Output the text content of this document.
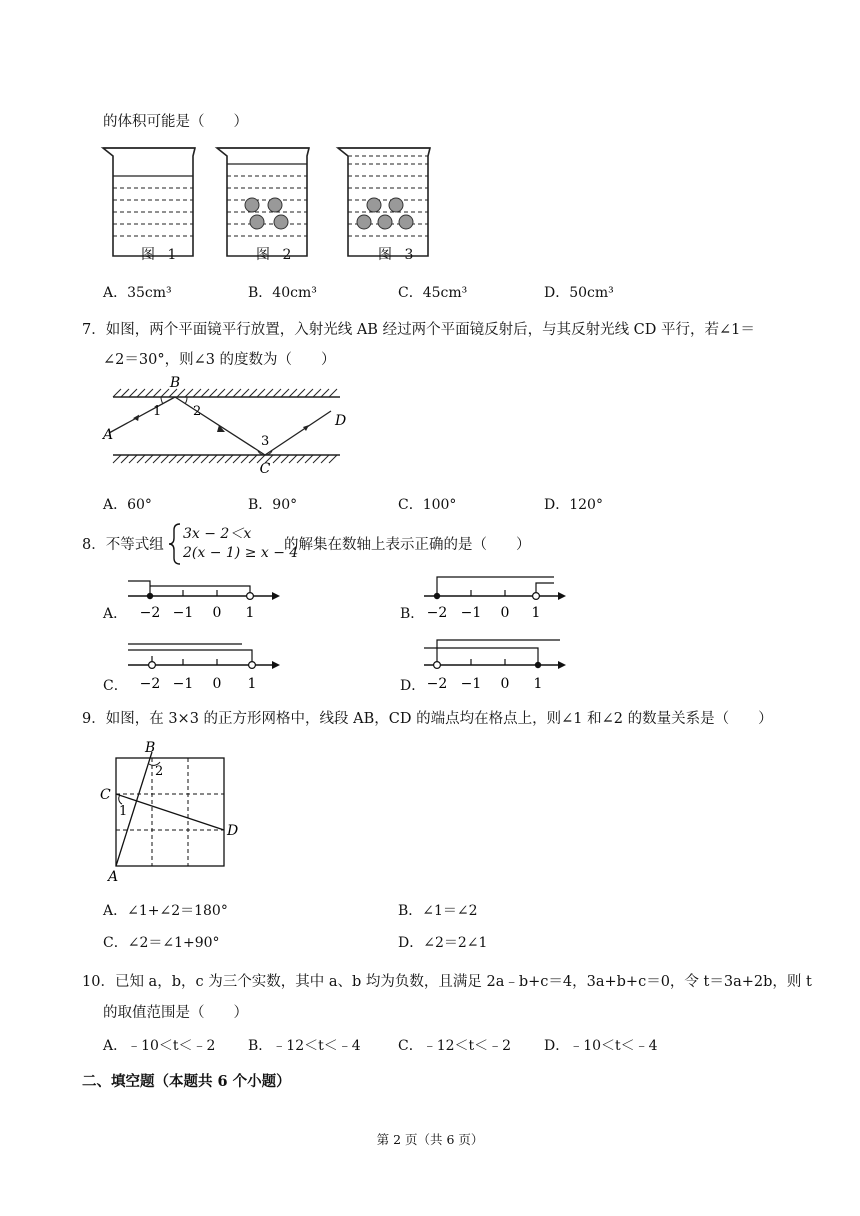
的体积可能是（　　）
图 1	图 2	图 3
A．35cm³	B．40cm³	C．45cm³	D．50cm³
7．如图，两个平面镜平行放置，入射光线 AB 经过两个平面镜反射后，与其反射光线 CD 平行，若∠1＝
∠2＝30°，则∠3 的度数为（　　）
B
A
C
D
1 2
3
A．60°	B．90°	C．100°	D．120°
8．不等式组
3x − 2＜x
2(x − 1) ≥ x − 4
的解集在数轴上表示正确的是（　　）
A． −2 −1 0 1	B． −2 −1 0 1
C． −2 −1 0 1	D． −2 −1 0 1
9．如图，在 3×3 的正方形网格中，线段 AB，CD 的端点均在格点上，则∠1 和∠2 的数量关系是（　　）
B
C
D
A
1
2
A．∠1+∠2＝180°	B．∠1＝∠2
C．∠2＝∠1+90°	D．∠2＝2∠1
10．已知 a，b，c 为三个实数，其中 a、b 均为负数，且满足 2a﹣b+c＝4，3a+b+c＝0，令 t＝3a+2b，则 t
的取值范围是（　　）
A．﹣10＜t＜﹣2 B．﹣12＜t＜﹣4	C．﹣12＜t＜﹣2 D．﹣10＜t＜﹣4
二、填空题（本题共 6 个小题）
第 2 页（共 6 页）
